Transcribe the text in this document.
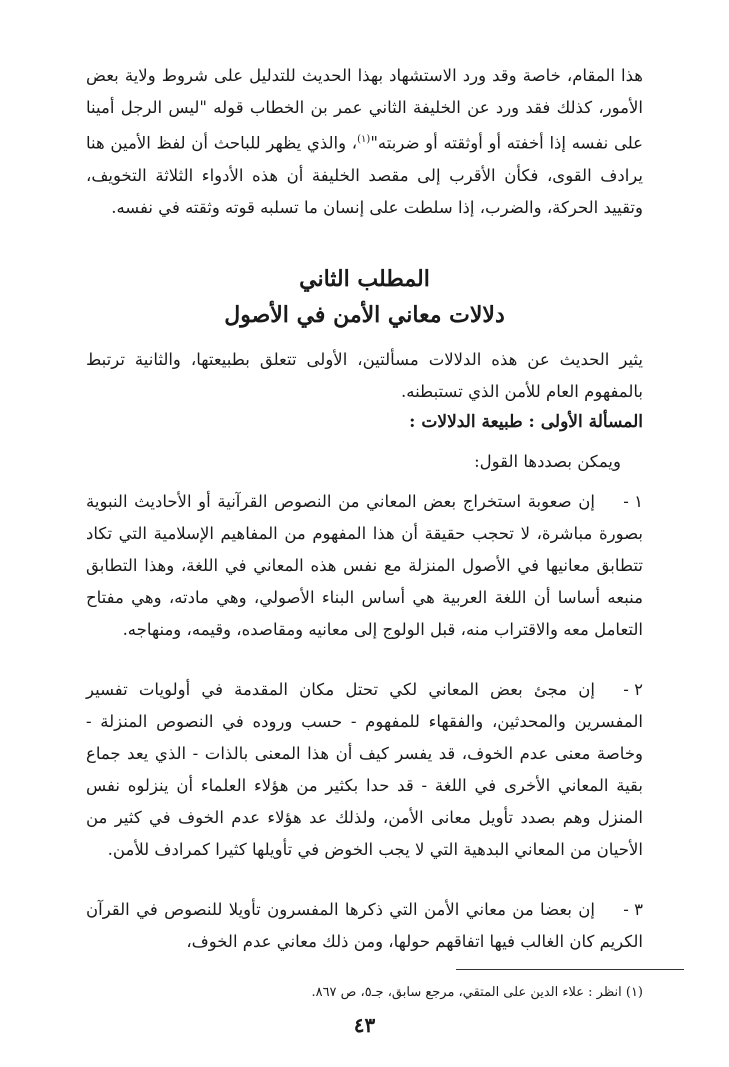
هذا المقام، خاصة وقد ورد الاستشهاد بهذا الحديث للتدليل على شروط ولاية بعض الأمور، كذلك فقد ورد عن الخليفة الثاني عمر بن الخطاب قوله "ليس الرجل أمينا على نفسه إذا أخفته أو أوثقته أو ضربته"$^{(١)}$، والذي يظهر للباحث أن لفظ الأمين هنا يرادف القوى، فكأن الأقرب إلى مقصد الخليفة أن هذه الأدواء الثلاثة التخويف، وتقييد الحركة، والضرب، إذا سلطت على إنسان ما تسلبه قوته وثقته في نفسه.
المطلب الثاني
دلالات معاني الأمن في الأصول
يثير الحديث عن هذه الدلالات مسألتين، الأولى تتعلق بطبيعتها، والثانية ترتبط بالمفهوم العام للأمن الذي تستبطنه.
المسألة الأولى : طبيعة الدلالات :
ويمكن بصددها القول:
١ -إن صعوبة استخراج بعض المعاني من النصوص القرآنية أو الأحاديث النبوية بصورة مباشرة، لا تحجب حقيقة أن هذا المفهوم من المفاهيم الإسلامية التي تكاد تتطابق معانيها في الأصول المنزلة مع نفس هذه المعاني في اللغة، وهذا التطابق منبعه أساسا أن اللغة العربية هي أساس البناء الأصولي، وهي مادته، وهي مفتاح التعامل معه والاقتراب منه، قبل الولوج إلى معانيه ومقاصده، وقيمه، ومنهاجه.
٢ -إن مجئ بعض المعاني لكي تحتل مكان المقدمة في أولويات تفسير المفسرين والمحدثين، والفقهاء للمفهوم - حسب وروده في النصوص المنزلة - وخاصة معنى عدم الخوف، قد يفسر كيف أن هذا المعنى بالذات - الذي يعد جماع بقية المعاني الأخرى في اللغة - قد حدا بكثير من هؤلاء العلماء أن ينزلوه نفس المنزل وهم بصدد تأويل معانى الأمن، ولذلك عد هؤلاء عدم الخوف في كثير من الأحيان من المعاني البدهية التي لا يجب الخوض في تأويلها كثيرا كمرادف للأمن.
٣ -إن بعضا من معاني الأمن التي ذكرها المفسرون تأويلا للنصوص في القرآن الكريم كان الغالب فيها اتفاقهم حولها، ومن ذلك معاني عدم الخوف،
(١) انظر : علاء الدين على المتقي، مرجع سابق، جـ٥، ص ٨٦٧.
٤٣
